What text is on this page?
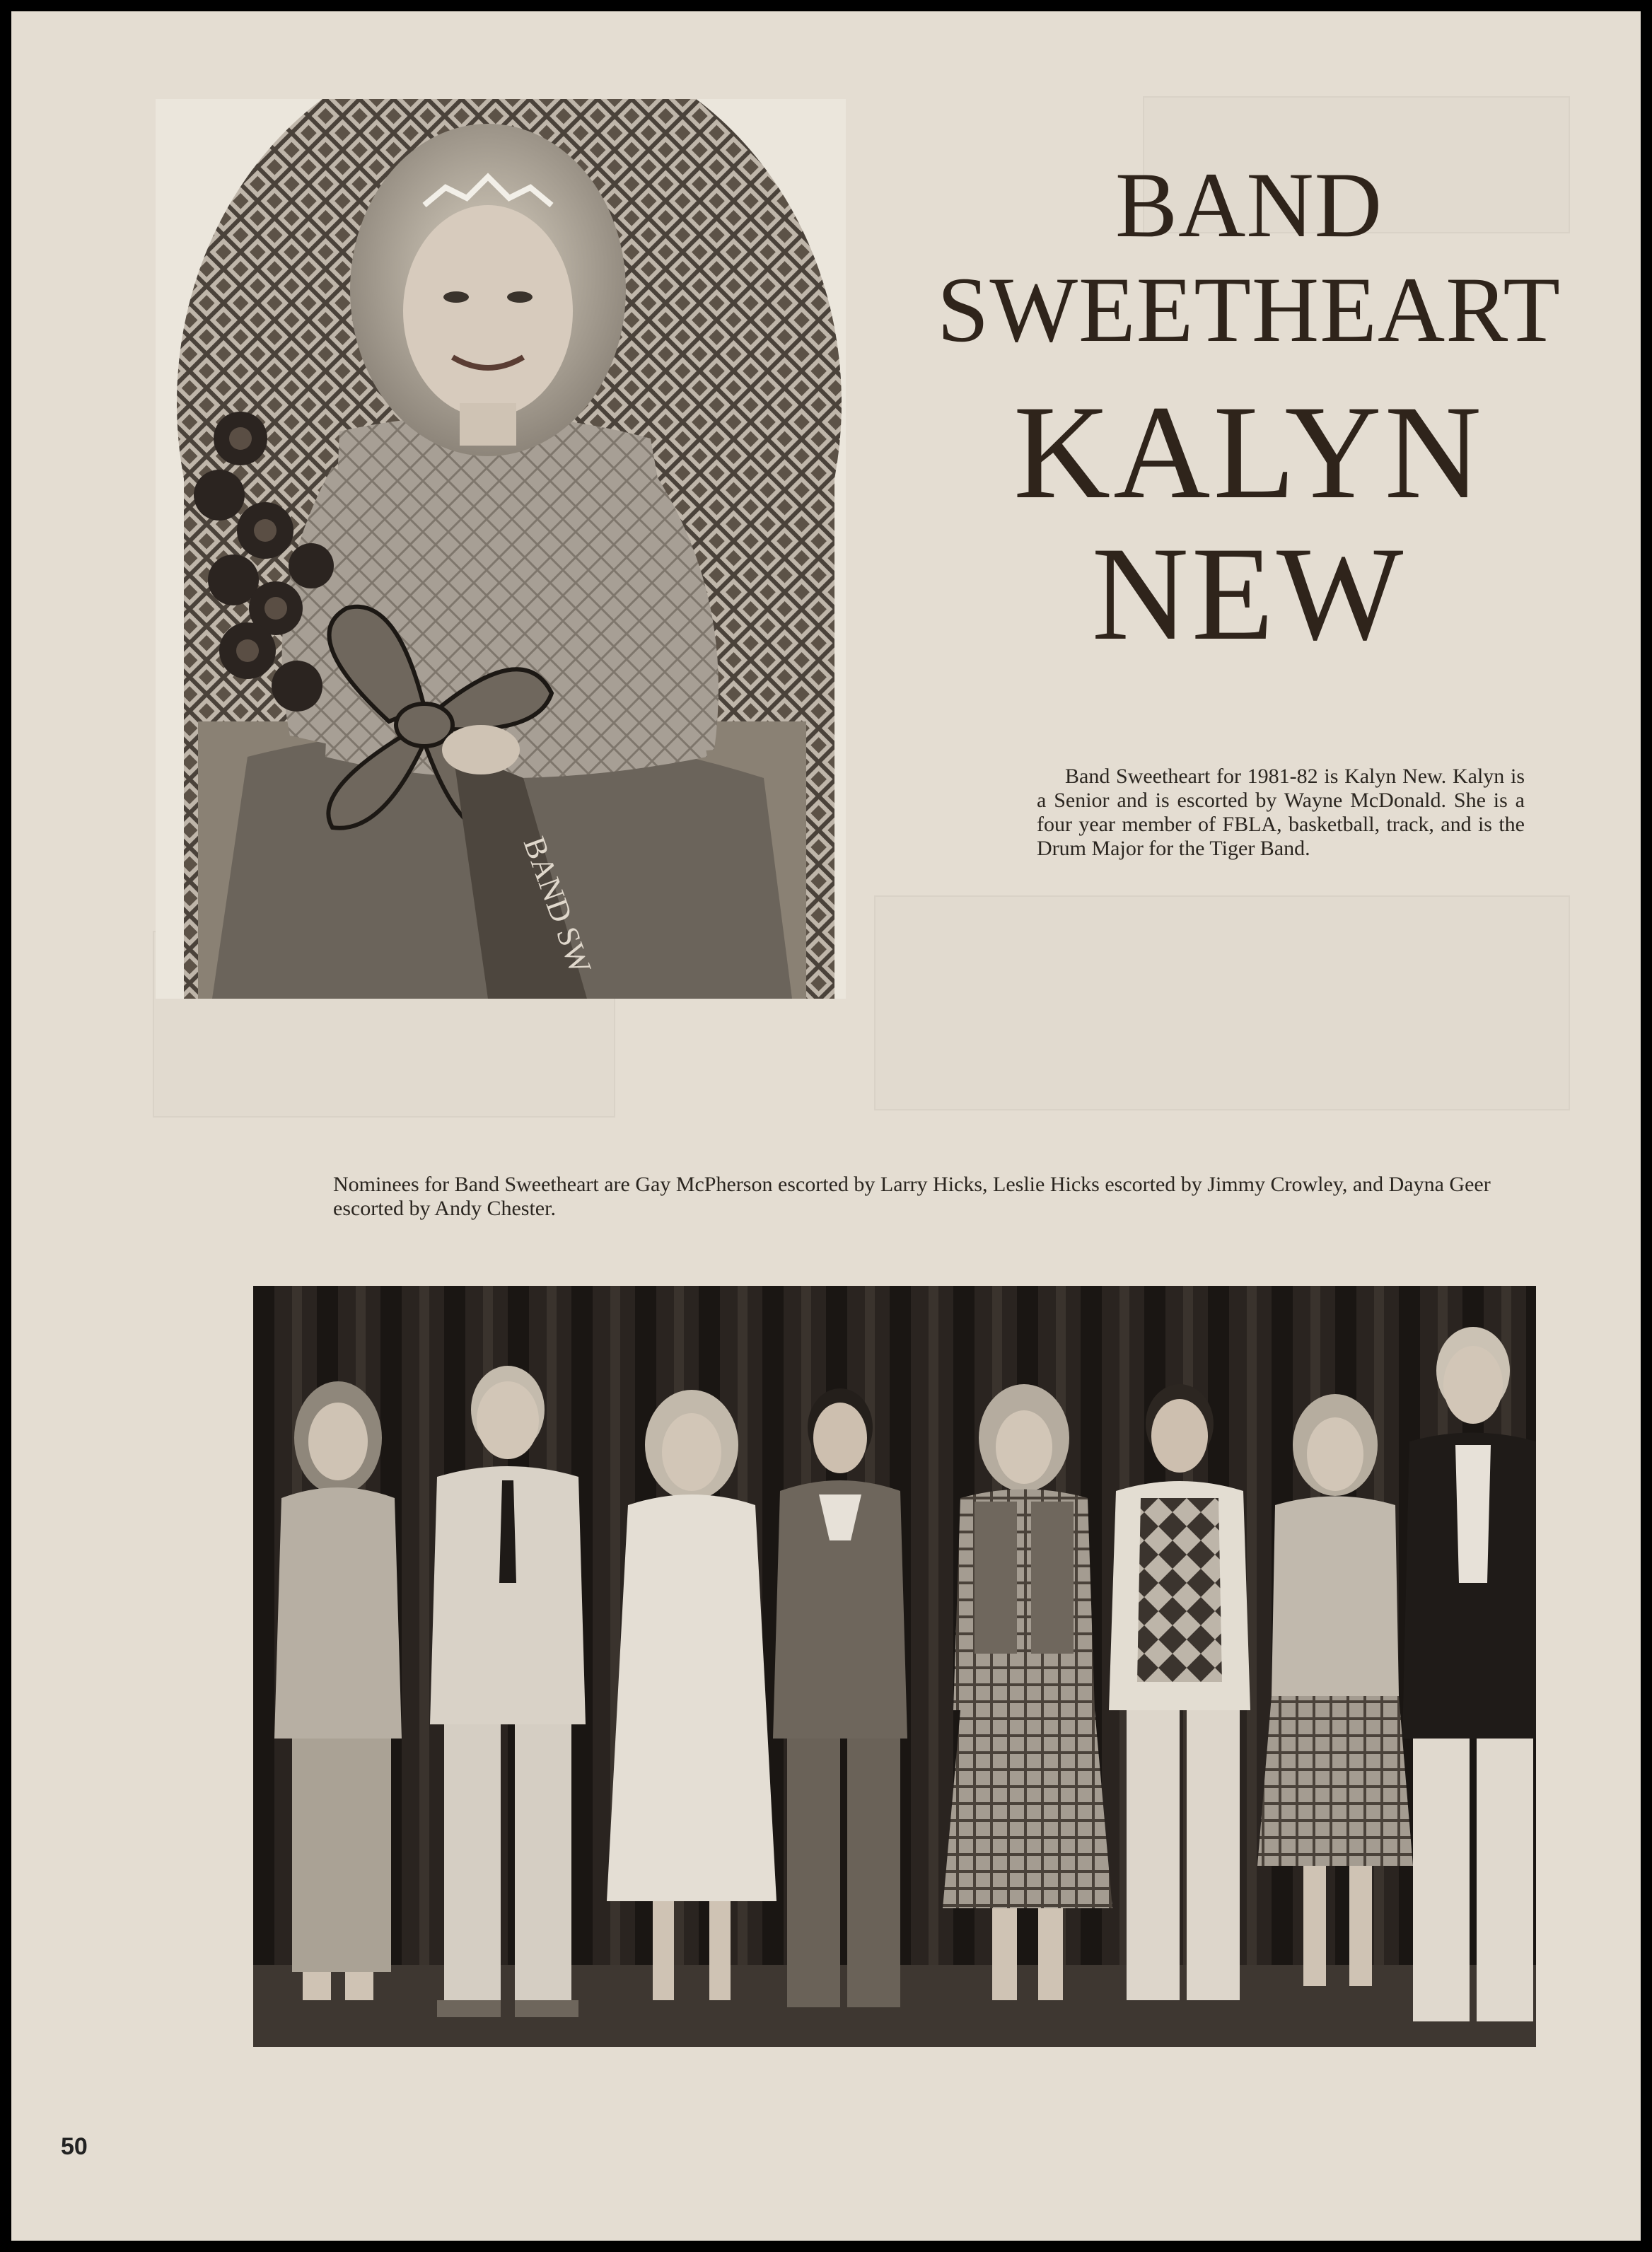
BAND SW
BAND
SWEETHEART
KALYN
NEW

Band Sweetheart for 1981-82 is Kalyn New. Kalyn is a Senior and is escorted by Wayne McDonald. She is a four year member of FBLA, basketball, track, and is the Drum Major for the Tiger Band.

Nominees for Band Sweetheart are Gay McPherson escorted by Larry Hicks, Leslie Hicks escorted by Jimmy Crowley, and Dayna Geer escorted by Andy Chester.

50
